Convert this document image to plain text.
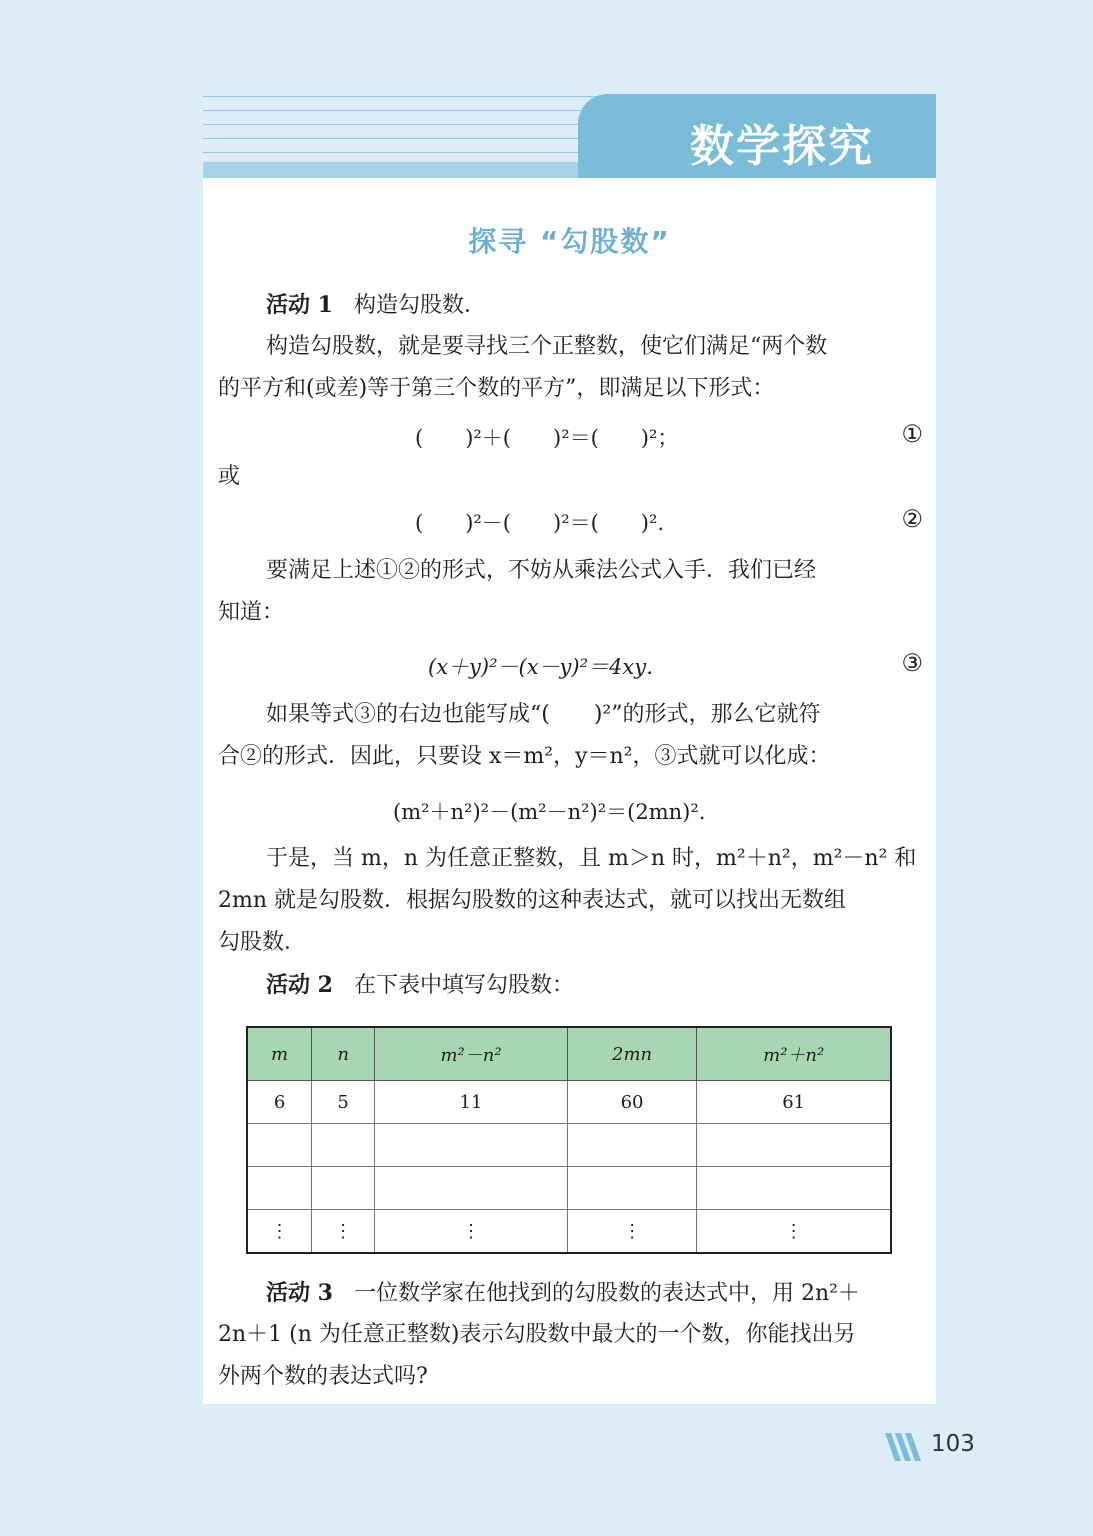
数学探究
探寻 “勾股数”
活动 1 构造勾股数．
构造勾股数，就是要寻找三个正整数，使它们满足“两个数
的平方和(或差)等于第三个数的平方”，即满足以下形式：
(　　)²＋(　　)²＝(　　)²；	①
或
(　　)²－(　　)²＝(　　)².	②
要满足上述①②的形式，不妨从乘法公式入手．我们已经
知道：
(x＋y)²－(x－y)²＝4xy．	③
如果等式③的右边也能写成“(　　)²”的形式，那么它就符
合②的形式．因此，只要设 x＝m²，y＝n²，③式就可以化成：
(m²＋n²)²－(m²－n²)²＝(2mn)².
于是，当 m，n 为任意正整数，且 m＞n 时，m²＋n²，m²－n² 和
2mn 就是勾股数．根据勾股数的这种表达式，就可以找出无数组
勾股数．
活动 2 在下表中填写勾股数：
m	n	m²－n²	2mn	m²＋n²
6	5	11	60	61

⋮	⋮	⋮	⋮	⋮
活动 3 一位数学家在他找到的勾股数的表达式中，用 2n²＋
2n＋1 (n 为任意正整数)表示勾股数中最大的一个数，你能找出另
外两个数的表达式吗?
103
